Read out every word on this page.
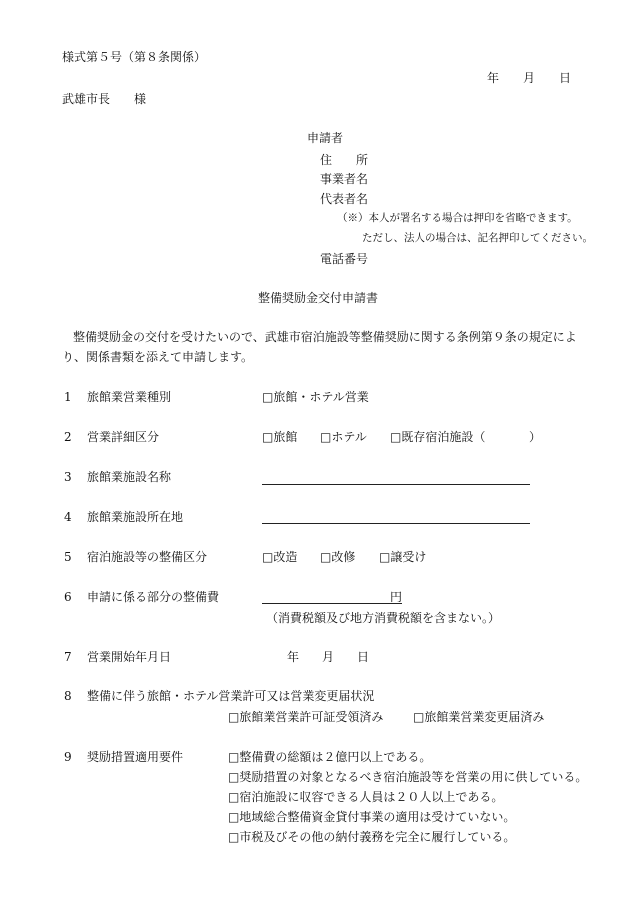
様式第５号（第８条関係）
年 月 日
武雄市長　　様
申請者
住　　所
事業者名
代表者名
（※）本人が署名する場合は押印を省略できます。
ただし、法人の場合は、記名押印してください。
電話番号
整備奨励金交付申請書
整備奨励金の交付を受けたいので、武雄市宿泊施設等整備奨励に関する条例第９条の規定によ
り、関係書類を添えて申請します。
1 旅館業営業種別	□旅館・ホテル営業
2 営業詳細区分	□旅館 □ホテル □既存宿泊施設（	）
3 旅館業施設名称
4 旅館業施設所在地
5 宿泊施設等の整備区分	□改造 □改修 □譲受け
6 申請に係る部分の整備費	円
（消費税額及び地方消費税額を含まない。）
7 営業開始年月日	年 月 日
8 整備に伴う旅館・ホテル営業許可又は営業変更届状況
□旅館業営業許可証受領済み □旅館業営業変更届済み
9 奨励措置適用要件	□整備費の総額は２億円以上である。
□奨励措置の対象となるべき宿泊施設等を営業の用に供している。
□宿泊施設に収容できる人員は２０人以上である。
□地域総合整備資金貸付事業の適用は受けていない。
□市税及びその他の納付義務を完全に履行している。
